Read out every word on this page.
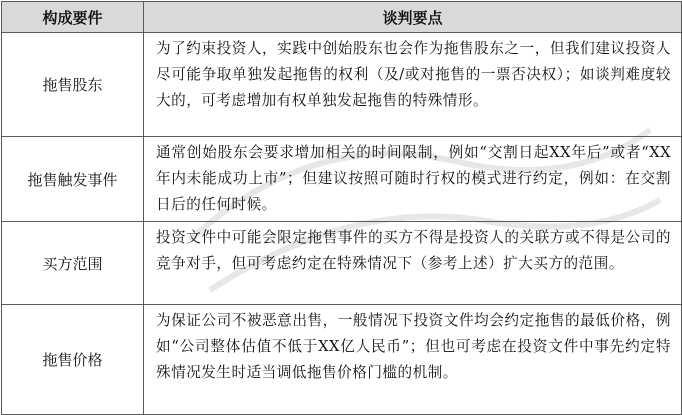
构成要件	谈判要点
拖售股东	为了约束投资人，实践中创始股东也会作为拖售股东之一，但我们建议投资人尽可能争取单独发起拖售的权利（及/或对拖售的一票否决权）；如谈判难度较大的，可考虑增加有权单独发起拖售的特殊情形。
拖售触发事件	通常创始股东会要求增加相关的时间限制，例如“交割日起XX年后”或者“XX年内未能成功上市”；但建议按照可随时行权的模式进行约定，例如：在交割日后的任何时候。
买方范围	投资文件中可能会限定拖售事件的买方不得是投资人的关联方或不得是公司的竞争对手，但可考虑约定在特殊情况下（参考上述）扩大买方的范围。
拖售价格	为保证公司不被恶意出售，一般情况下投资文件均会约定拖售的最低价格，例如“公司整体估值不低于XX亿人民币”；但也可考虑在投资文件中事先约定特殊情况发生时适当调低拖售价格门槛的机制。
